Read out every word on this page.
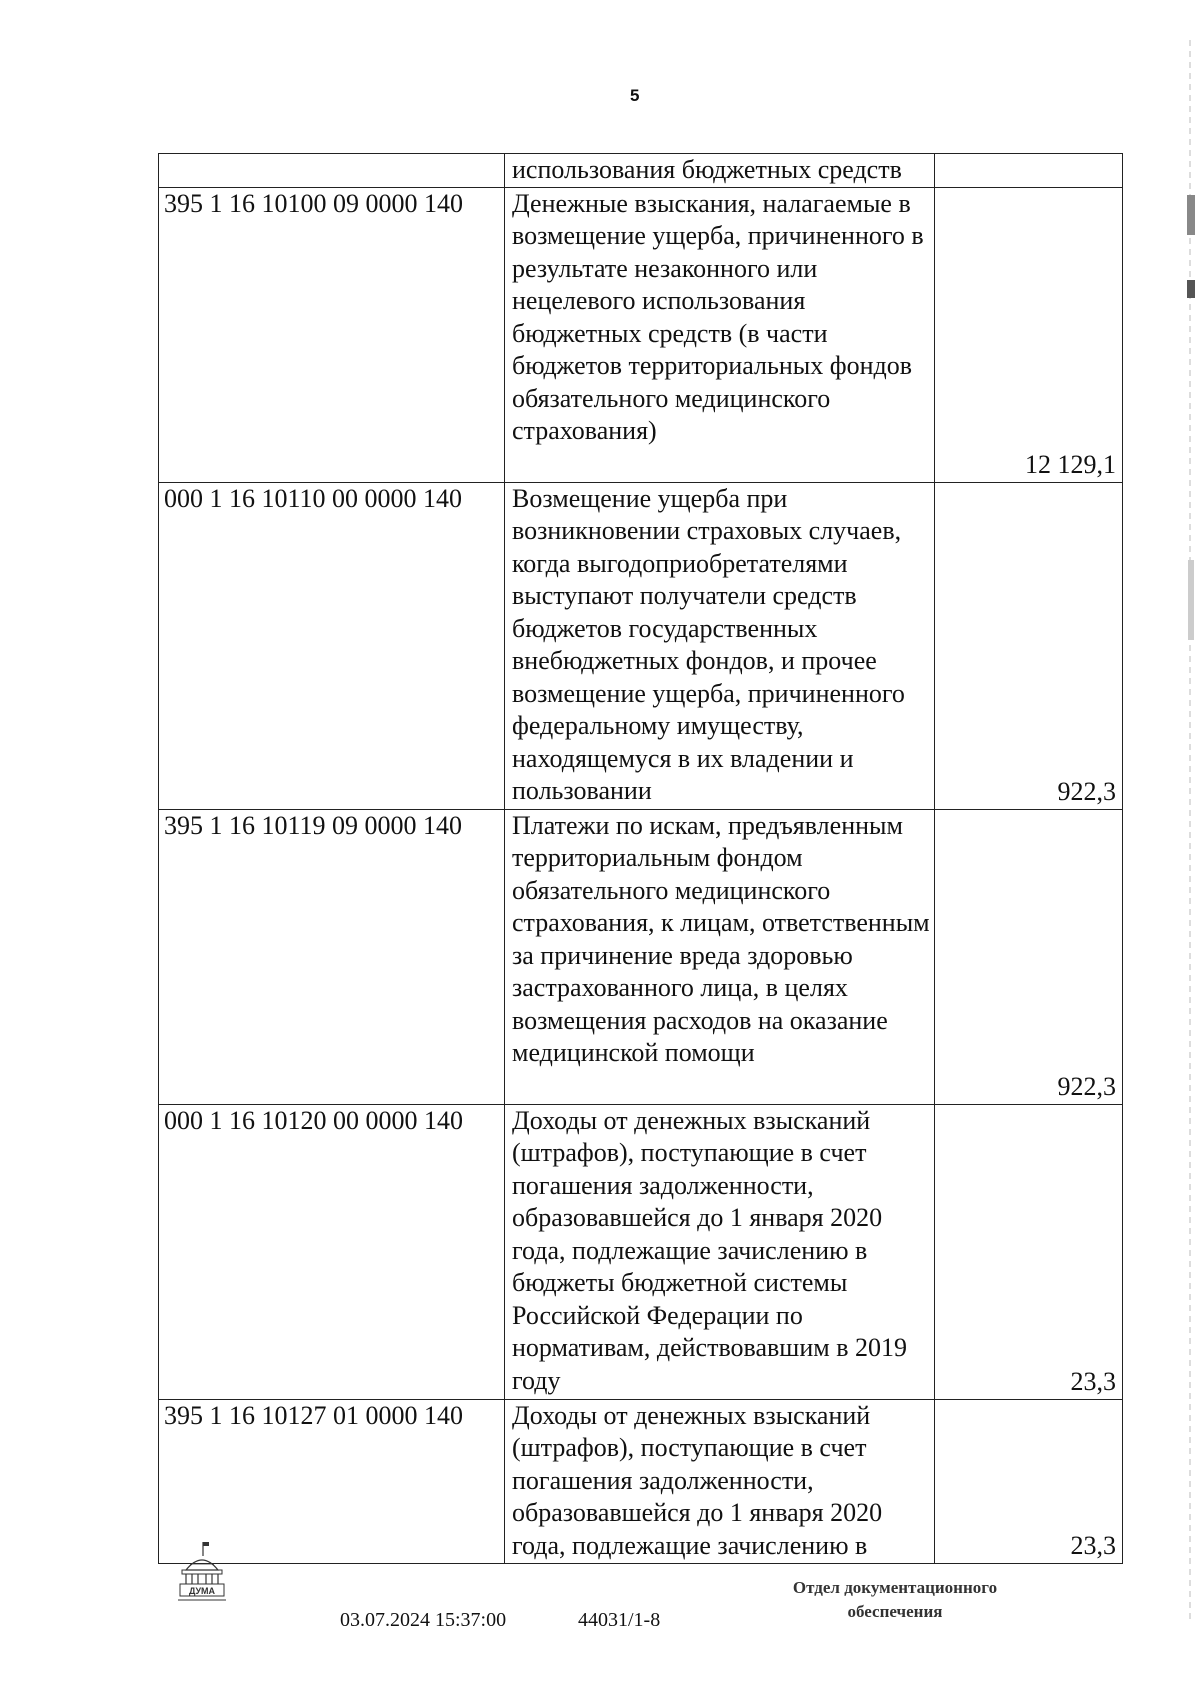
5
	использования бюджетных средств	
395 1 16 10100 09 0000 140	Денежные взыскания, налагаемые в возмещение ущерба, причиненного в результате незаконного или нецелевого использования бюджетных средств (в части бюджетов территориальных фондов обязательного медицинского страхования)	12 129,1
000 1 16 10110 00 0000 140	Возмещение ущерба при возникновении страховых случаев, когда выгодоприобретателями выступают получатели средств бюджетов государственных внебюджетных фондов, и прочее возмещение ущерба, причиненного федеральному имуществу, находящемуся в их владении и пользовании	922,3
395 1 16 10119 09 0000 140	Платежи по искам, предъявленным территориальным фондом обязательного медицинского страхования, к лицам, ответственным за причинение вреда здоровью застрахованного лица, в целях возмещения расходов на оказание медицинской помощи	922,3
000 1 16 10120 00 0000 140	Доходы от денежных взысканий (штрафов), поступающие в счет погашения задолженности, образовавшейся до 1 января 2020 года, подлежащие зачислению в бюджеты бюджетной системы Российской Федерации по нормативам, действовавшим в 2019 году	23,3
395 1 16 10127 01 0000 140	Доходы от денежных взысканий (штрафов), поступающие в счет погашения задолженности, образовавшейся до 1 января 2020 года, подлежащие зачислению в	23,3
ДУМА
03.07.2024 15:37:00	44031/1-8
Отдел документационного
обеспечения
